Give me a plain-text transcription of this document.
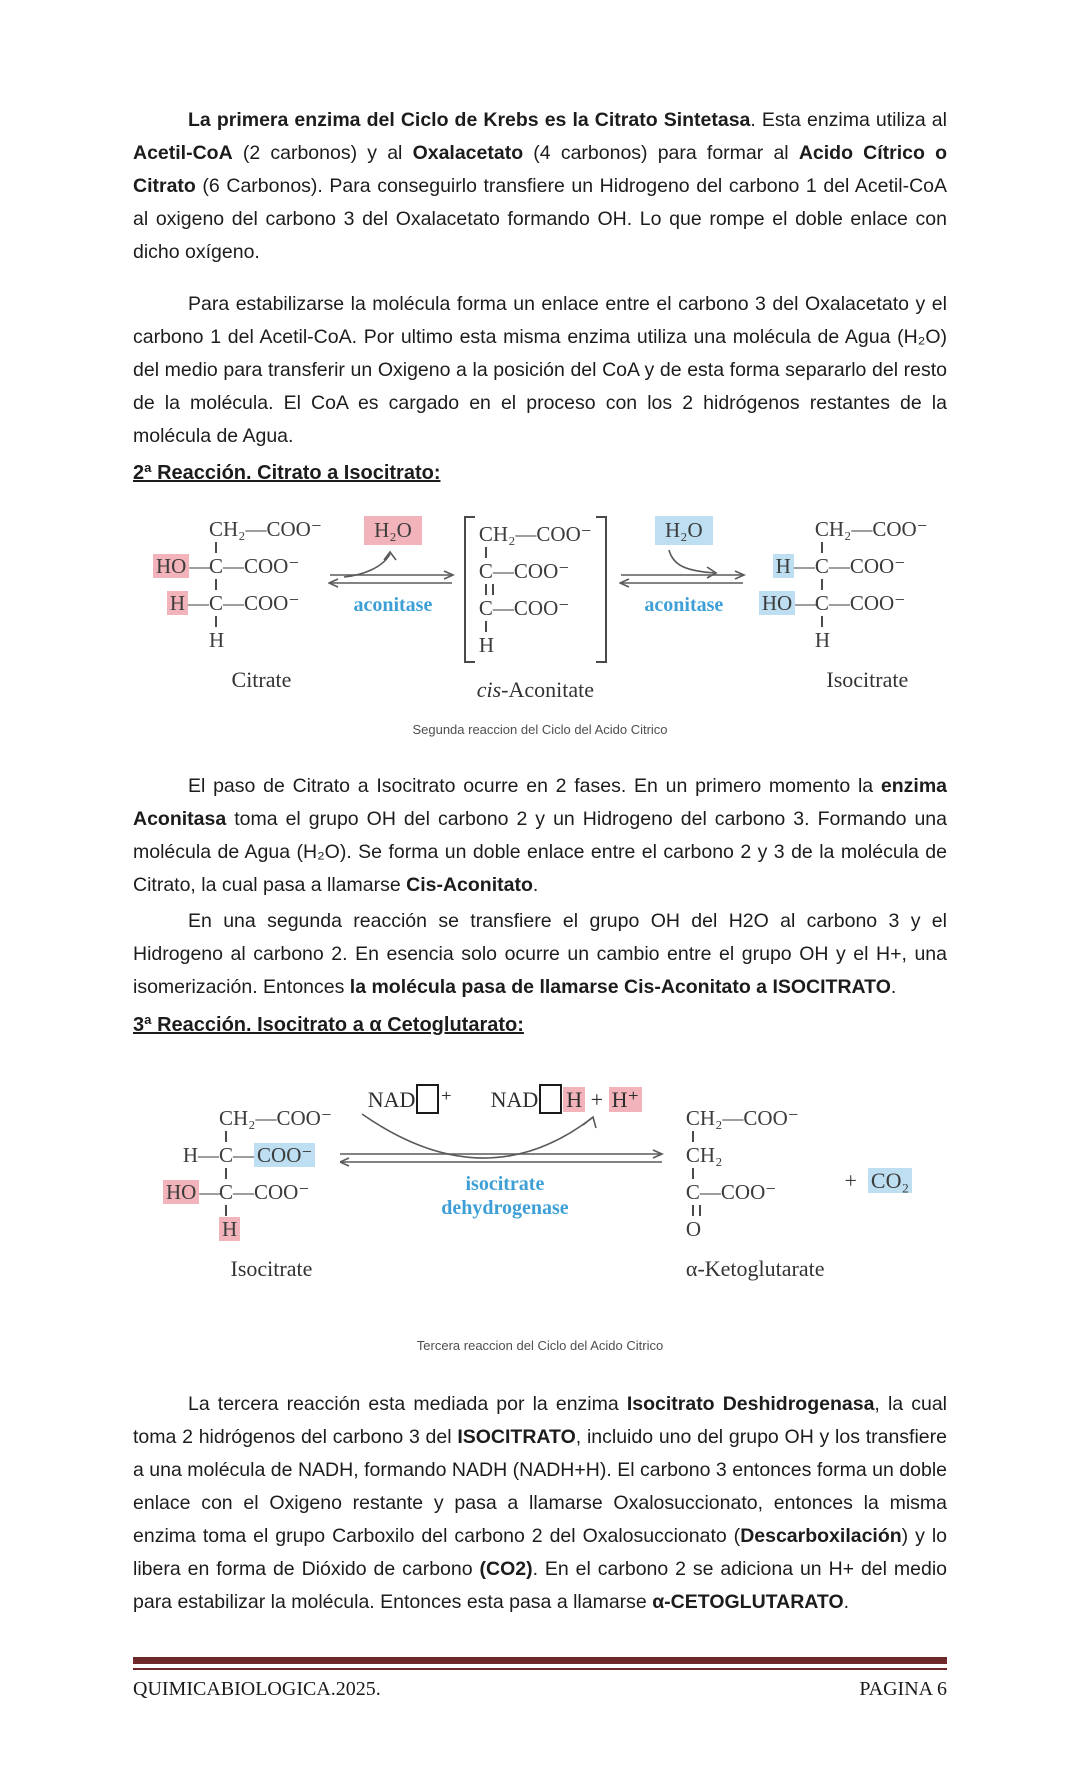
La primera enzima del Ciclo de Krebs es la Citrato Sintetasa. Esta enzima utiliza al Acetil-CoA (2 carbonos) y al Oxalacetato (4 carbonos) para formar al Acido Cítrico o Citrato (6 Carbonos). Para conseguirlo transfiere un Hidrogeno del carbono 1 del Acetil-CoA al oxigeno del carbono 3 del Oxalacetato formando OH. Lo que rompe el doble enlace con dicho oxígeno.

Para estabilizarse la molécula forma un enlace entre el carbono 3 del Oxalacetato y el carbono 1 del Acetil-CoA. Por ultimo esta misma enzima utiliza una molécula de Agua (H₂O) del medio para transferir un Oxigeno a la posición del CoA y de esta forma separarlo del resto de la molécula. El CoA es cargado en el proceso con los 2 hidrógenos restantes de la molécula de Agua.

2ª Reacción. Citrato a Isocitrato:
CH₂—COO⁻
HO —C—COO⁻
H —C—COO⁻
H
Citrate
H₂O
aconitase
CH₂—COO⁻
C—COO⁻
C—COO⁻
H
cis-Aconitate
H₂O
aconitase
CH₂—COO⁻
H —C—COO⁻
HO —C—COO⁻
H
Isocitrate
Segunda reaccion del Ciclo del Acido Citrico

El paso de Citrato a Isocitrato ocurre en 2 fases. En un primero momento la enzima Aconitasa toma el grupo OH del carbono 2 y un Hidrogeno del carbono 3. Formando una molécula de Agua (H₂O). Se forma un doble enlace entre el carbono 2 y 3 de la molécula de Citrato, la cual pasa a llamarse Cis-Aconitato.

En una segunda reacción se transfiere el grupo OH del H2O al carbono 3 y el Hidrogeno al carbono 2. En esencia solo ocurre un cambio entre el grupo OH y el H+, una isomerización. Entonces la molécula pasa de llamarse Cis-Aconitato a ISOCITRATO.

3ª Reacción. Isocitrato a α Cetoglutarato:
CH₂—COO⁻
H—C— COO⁻
HO —C—COO⁻
H
Isocitrate
NAD ⁺ NAD H + H⁺
isocitrate
dehydrogenase
CH₂—COO⁻
CH₂
C—COO⁻
O
α-Ketoglutarate
+  CO₂
Tercera reaccion del Ciclo del Acido Citrico

La tercera reacción esta mediada por la enzima Isocitrato Deshidrogenasa, la cual toma 2 hidrógenos del carbono 3 del ISOCITRATO, incluido uno del grupo OH y los transfiere a una molécula de NADH, formando NADH (NADH+H). El carbono 3 entonces forma un doble enlace con el Oxigeno restante y pasa a llamarse Oxalosuccionato, entonces la misma enzima toma el grupo Carboxilo del carbono 2 del Oxalosuccionato (Descarboxilación) y lo libera en forma de Dióxido de carbono (CO2). En el carbono 2 se adiciona un H+ del medio para estabilizar la molécula. Entonces esta pasa a llamarse α-CETOGLUTARATO.

QUIMICABIOLOGICA.2025.	PAGINA 6
